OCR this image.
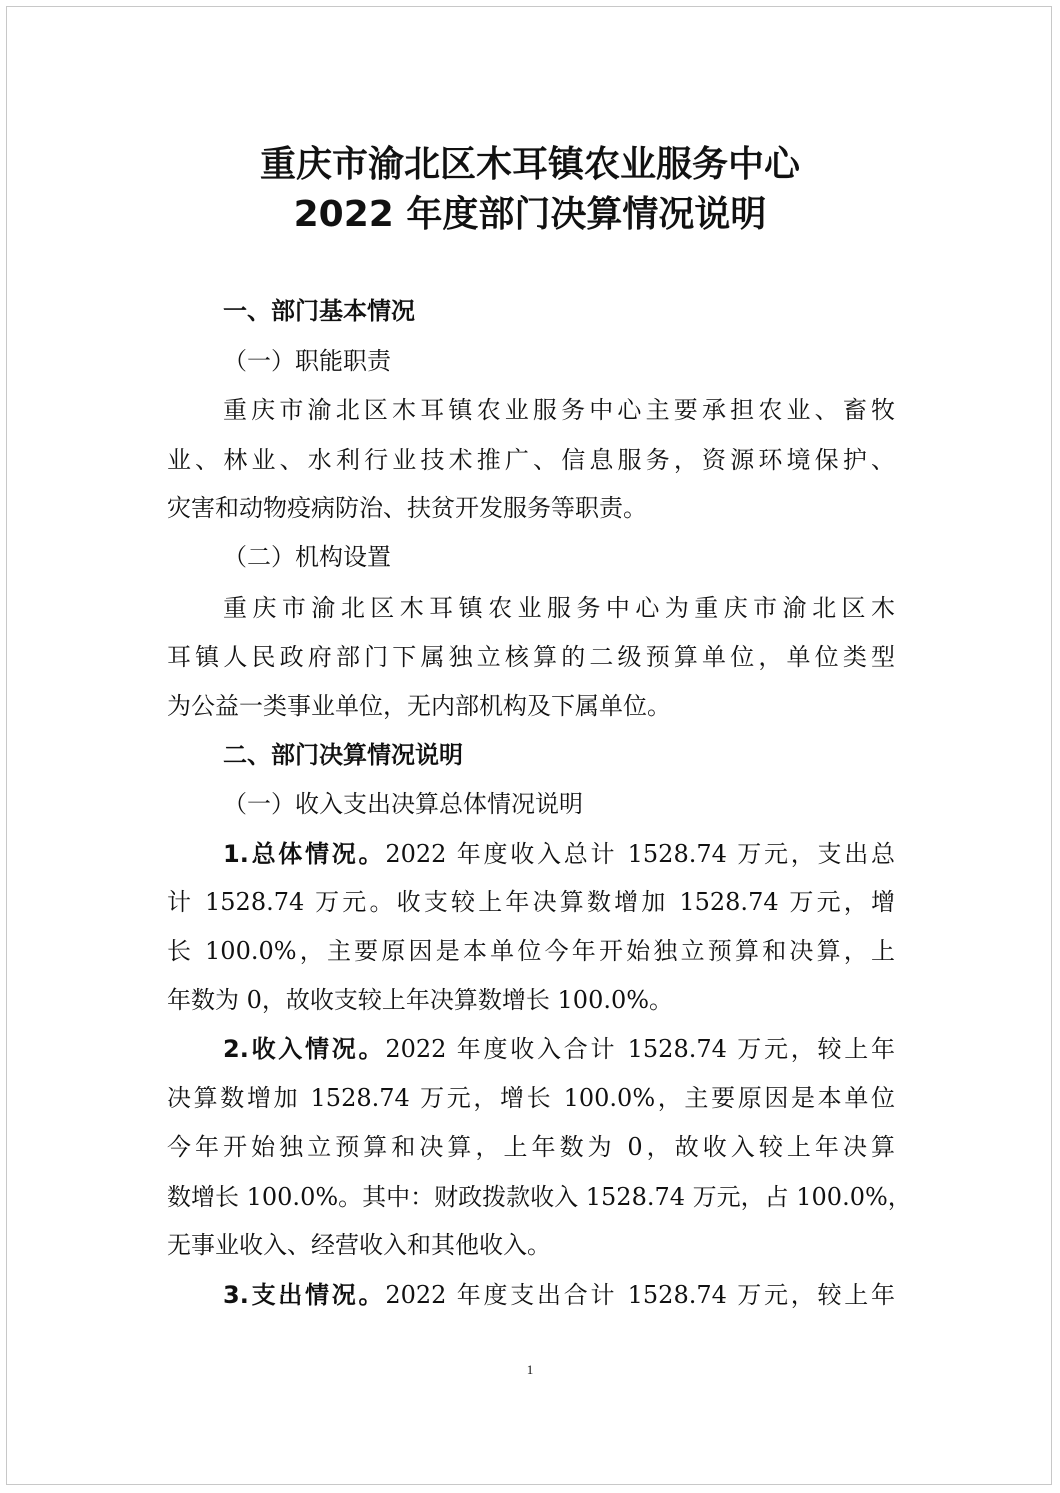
重庆市渝北区木耳镇农业服务中心
2022 年度部门决算情况说明
一、部门基本情况
（一）职能职责
重庆市渝北区木耳镇农业服务中心主要承担农业、畜牧
业、林业、水利行业技术推广、信息服务，资源环境保护、
灾害和动物疫病防治、扶贫开发服务等职责。
（二）机构设置
重庆市渝北区木耳镇农业服务中心为重庆市渝北区木
耳镇人民政府部门下属独立核算的二级预算单位，单位类型
为公益一类事业单位，无内部机构及下属单位。
二、部门决算情况说明
（一）收入支出决算总体情况说明
1.总体情况。2022 年度收入总计 1528.74 万元，支出总
计 1528.74 万元。收支较上年决算数增加 1528.74 万元，增
长 100.0%，主要原因是本单位今年开始独立预算和决算，上
年数为 0，故收支较上年决算数增长 100.0%。
2.收入情况。2022 年度收入合计 1528.74 万元，较上年
决算数增加 1528.74 万元，增长 100.0%，主要原因是本单位
今年开始独立预算和决算，上年数为 0，故收入较上年决算
数增长 100.0%。其中：财政拨款收入 1528.74 万元，占 100.0%，
无事业收入、经营收入和其他收入。
3.支出情况。2022 年度支出合计 1528.74 万元，较上年
1
